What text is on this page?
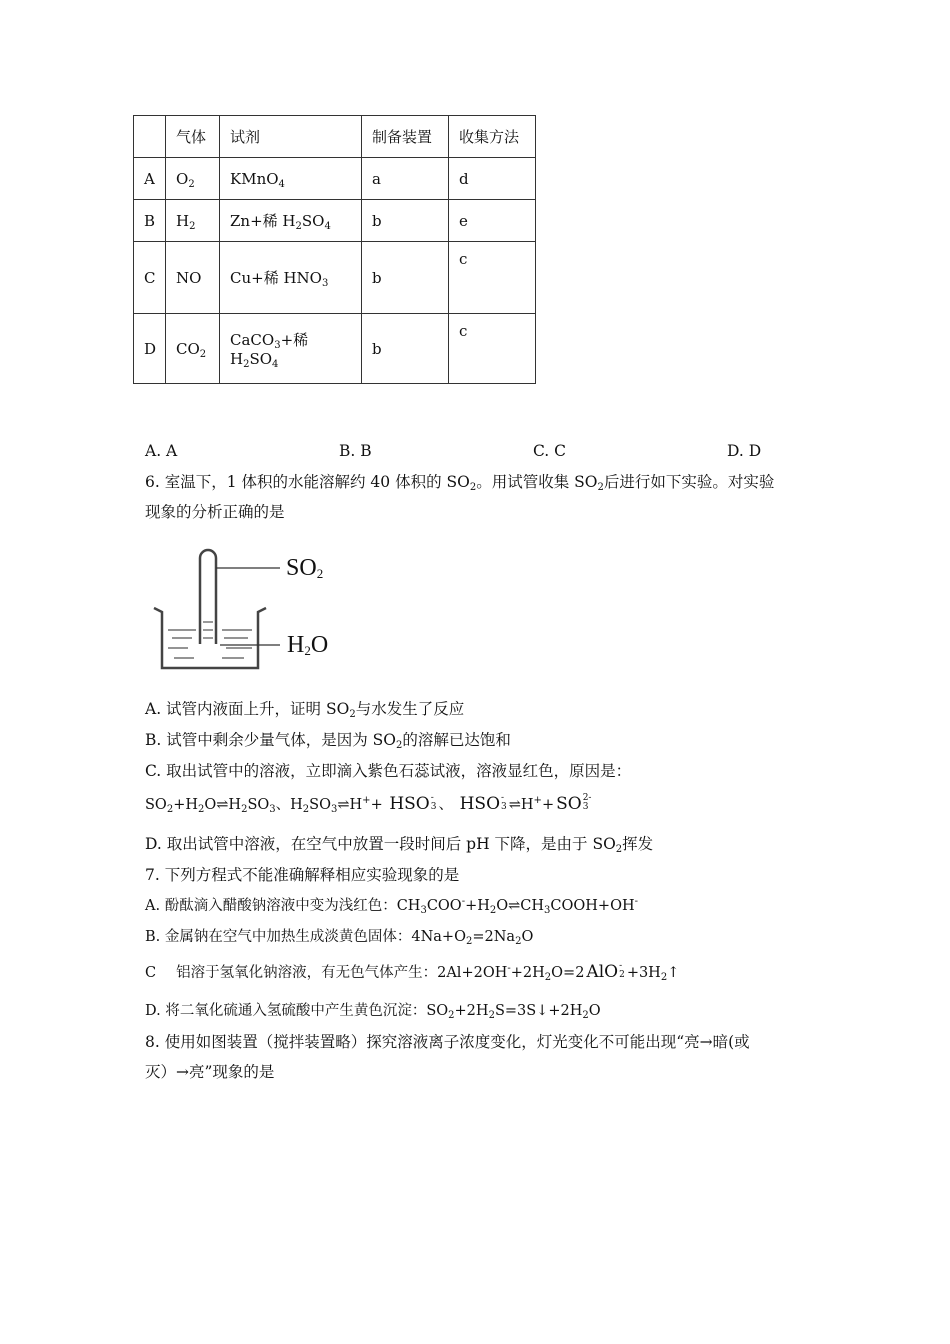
	气体	试剂	制备装置	收集方法
A	$O_2$	KMnO$_4$	a	d
B	$H_2$	Zn+稀 $H_2SO_4$	b	e
C	NO	Cu+稀 $HNO_3$	b	c
D	$CO_2$	CaCO$_3$+稀 $H_2SO_4$	b	c
A. A	B. B	C. C	D. D
6. 室温下，1 体积的水能溶解约 40 体积的 $SO_2$。用试管收集 $SO_2$后进行如下实验。对实验
现象的分析正确的是
$SO_2$
$H_2O$
A. 试管内液面上升，证明 $SO_2$与水发生了反应
B. 试管中剩余少量气体，是因为 $SO_2$的溶解已达饱和
C. 取出试管中的溶液，立即滴入紫色石蕊试液，溶液显红色，原因是：
$SO_2+H_2O\rightleftharpoons H_2SO_3$、$H_2SO_3\rightleftharpoons H^++$ HSO -
3 、 HSO -
3 ⇌H++ SO 2-
3
D. 取出试管中溶液，在空气中放置一段时间后 pH 下降，是由于 $SO_2$挥发
7. 下列方程式不能准确解释相应实验现象的是
A. 酚酞滴入醋酸钠溶液中变为浅红色：$CH_3COO^-+H_2O\rightleftharpoons CH_3COOH+OH^-$
B. 金属钠在空气中加热生成淡黄色固体：$4Na+O_2=2Na_2O$
C 铝溶于氢氧化钠溶液，有无色气体产生：$2Al+2OH^-+2H_2O=2$ AlO -
$2 +3H_2↑$
D. 将二氧化硫通入氢硫酸中产生黄色沉淀：$SO_2+2H_2S=3S↓+2H_2O$
8. 使用如图装置（搅拌装置略）探究溶液离子浓度变化，灯光变化不可能出现“亮→暗(或
灭）→亮”现象的是
